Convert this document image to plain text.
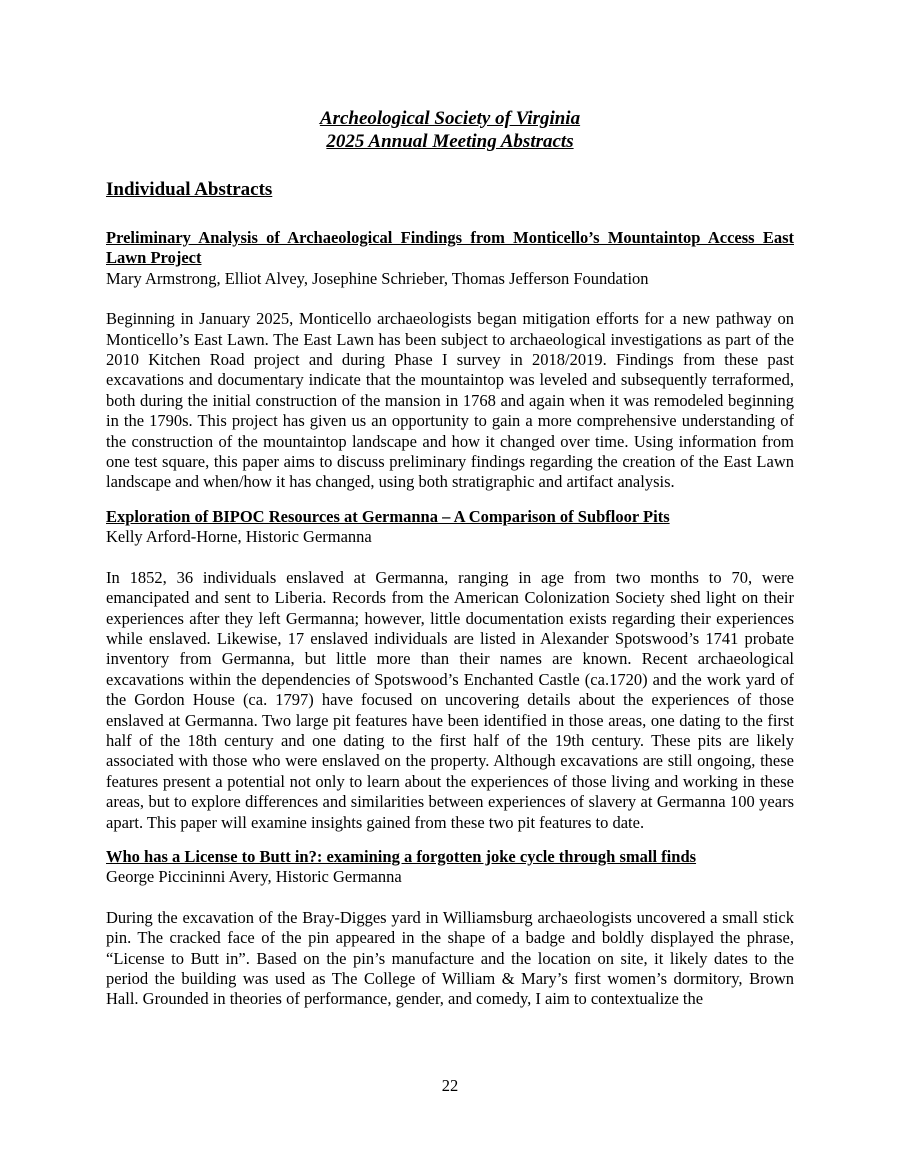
Archeological Society of Virginia
2025 Annual Meeting Abstracts
Individual Abstracts
Preliminary Analysis of Archaeological Findings from Monticello’s Mountaintop Access East Lawn Project
Mary Armstrong, Elliot Alvey, Josephine Schrieber, Thomas Jefferson Foundation

Beginning in January 2025, Monticello archaeologists began mitigation efforts for a new pathway on Monticello’s East Lawn. The East Lawn has been subject to archaeological investigations as part of the 2010 Kitchen Road project and during Phase I survey in 2018/2019. Findings from these past excavations and documentary indicate that the mountaintop was leveled and subsequently terraformed, both during the initial construction of the mansion in 1768 and again when it was remodeled beginning in the 1790s. This project has given us an opportunity to gain a more comprehensive understanding of the construction of the mountaintop landscape and how it changed over time. Using information from one test square, this paper aims to discuss preliminary findings regarding the creation of the East Lawn landscape and when/how it has changed, using both stratigraphic and artifact analysis.

Exploration of BIPOC Resources at Germanna – A Comparison of Subfloor Pits
Kelly Arford-Horne, Historic Germanna

In 1852, 36 individuals enslaved at Germanna, ranging in age from two months to 70, were emancipated and sent to Liberia. Records from the American Colonization Society shed light on their experiences after they left Germanna; however, little documentation exists regarding their experiences while enslaved. Likewise, 17 enslaved individuals are listed in Alexander Spotswood’s 1741 probate inventory from Germanna, but little more than their names are known. Recent archaeological excavations within the dependencies of Spotswood’s Enchanted Castle (ca.1720) and the work yard of the Gordon House (ca. 1797) have focused on uncovering details about the experiences of those enslaved at Germanna. Two large pit features have been identified in those areas, one dating to the first half of the 18th century and one dating to the first half of the 19th century. These pits are likely associated with those who were enslaved on the property. Although excavations are still ongoing, these features present a potential not only to learn about the experiences of those living and working in these areas, but to explore differences and similarities between experiences of slavery at Germanna 100 years apart. This paper will examine insights gained from these two pit features to date.

Who has a License to Butt in?: examining a forgotten joke cycle through small finds
George Piccininni Avery, Historic Germanna

During the excavation of the Bray-Digges yard in Williamsburg archaeologists uncovered a small stick pin. The cracked face of the pin appeared in the shape of a badge and boldly displayed the phrase, “License to Butt in”. Based on the pin’s manufacture and the location on site, it likely dates to the period the building was used as The College of William & Mary’s first women’s dormitory, Brown Hall. Grounded in theories of performance, gender, and comedy, I aim to contextualize the

22
